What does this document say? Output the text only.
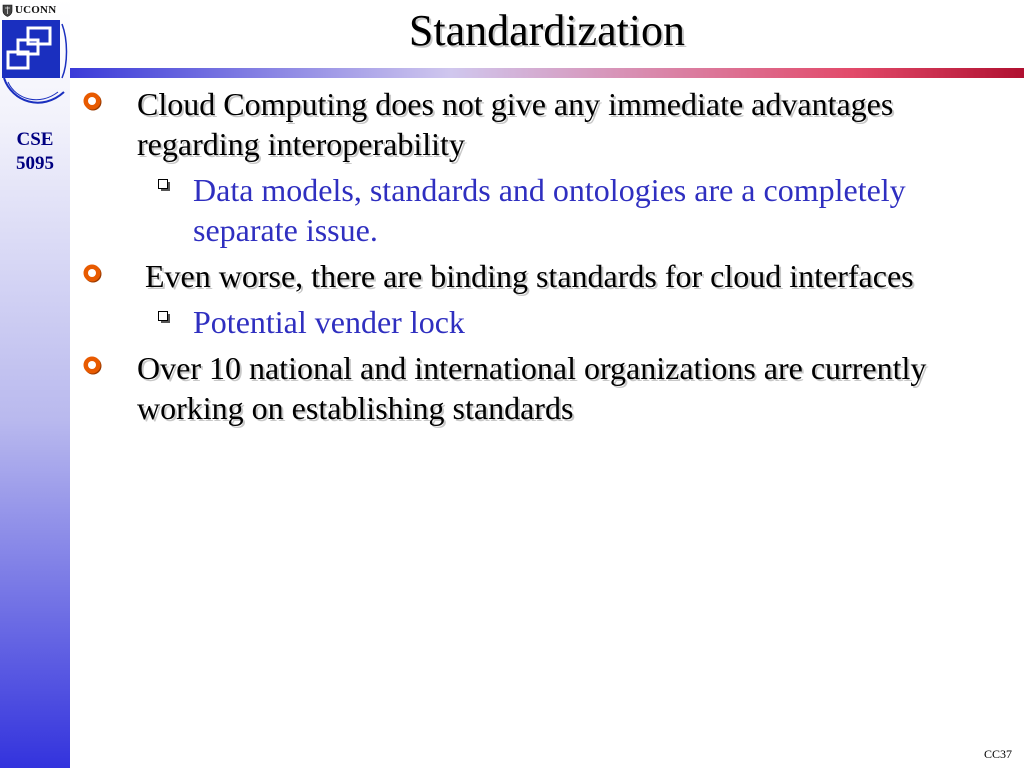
UCONN
CSE
5095
Standardization
Cloud Computing does not give any immediate advantages regarding interoperability
Data models, standards and ontologies are a completely separate issue.
Even worse, there are binding standards for cloud interfaces
Potential vender lock
Over 10 national and international organizations are currently working on establishing standards
CC37
